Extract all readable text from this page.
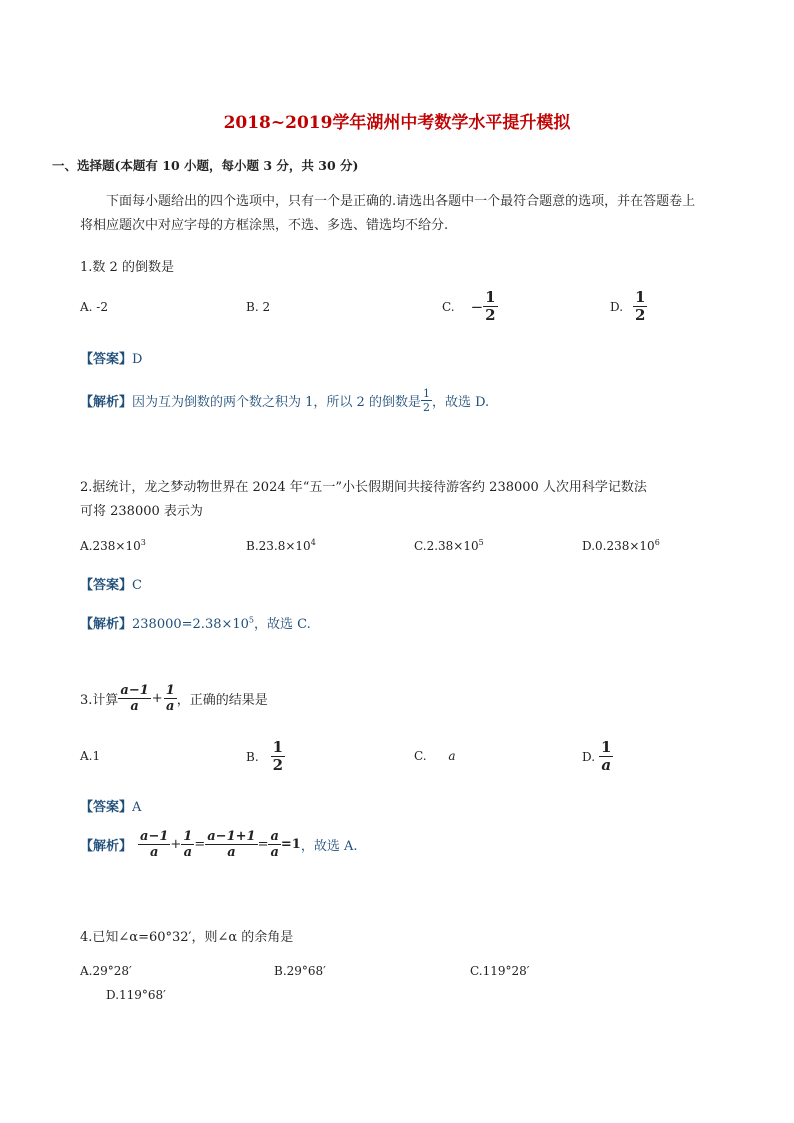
2018~2019学年湖州中考数学水平提升模拟
一、选择题(本题有 10 小题，每小题 3 分，共 30 分)
下面每小题给出的四个选项中，只有一个是正确的.请选出各题中一个最符合题意的选项，并在答题卷上将相应题次中对应字母的方框涂黑，不选、多选、错选均不给分.
1.数 2 的倒数是
A. -2	B. 2	C. − $\frac{1}{2}$	D. $\frac{1}{2}$
【答案】D
【解析】 因为互为倒数的两个数之积为 1，所以 2 的倒数是 $\frac{1}{2}$ ，故选 D.
2.据统计，龙之梦动物世界在 2024 年“五一”小长假期间共接待游客约 238000 人次用科学记数法
可将 238000 表示为
$A.238\times 10^3$	$B.23.8\times 10^4$	$C.2.38\times 10^5$	$D.0.238\times 10^6$
【答案】C
【解析】$238000=2.38\times 10^5$，故选 C.
3.计算 $\frac{a-1}{a} + \frac{1}{a}$ ，正确的结果是
A.1	B. $\frac{1}{2}$	C. a	D. $\frac{1}{a}$
【答案】A
【解析】 $\frac{a-1}{a} + \frac{1}{a} = \frac{a-1+1}{a} = \frac{a}{a} =1$ ，故选 A.
4.已知∠α=60°32′，则∠α 的余角是
A.29°28′	B.29°68′	C.119°28′
D.119°68′
